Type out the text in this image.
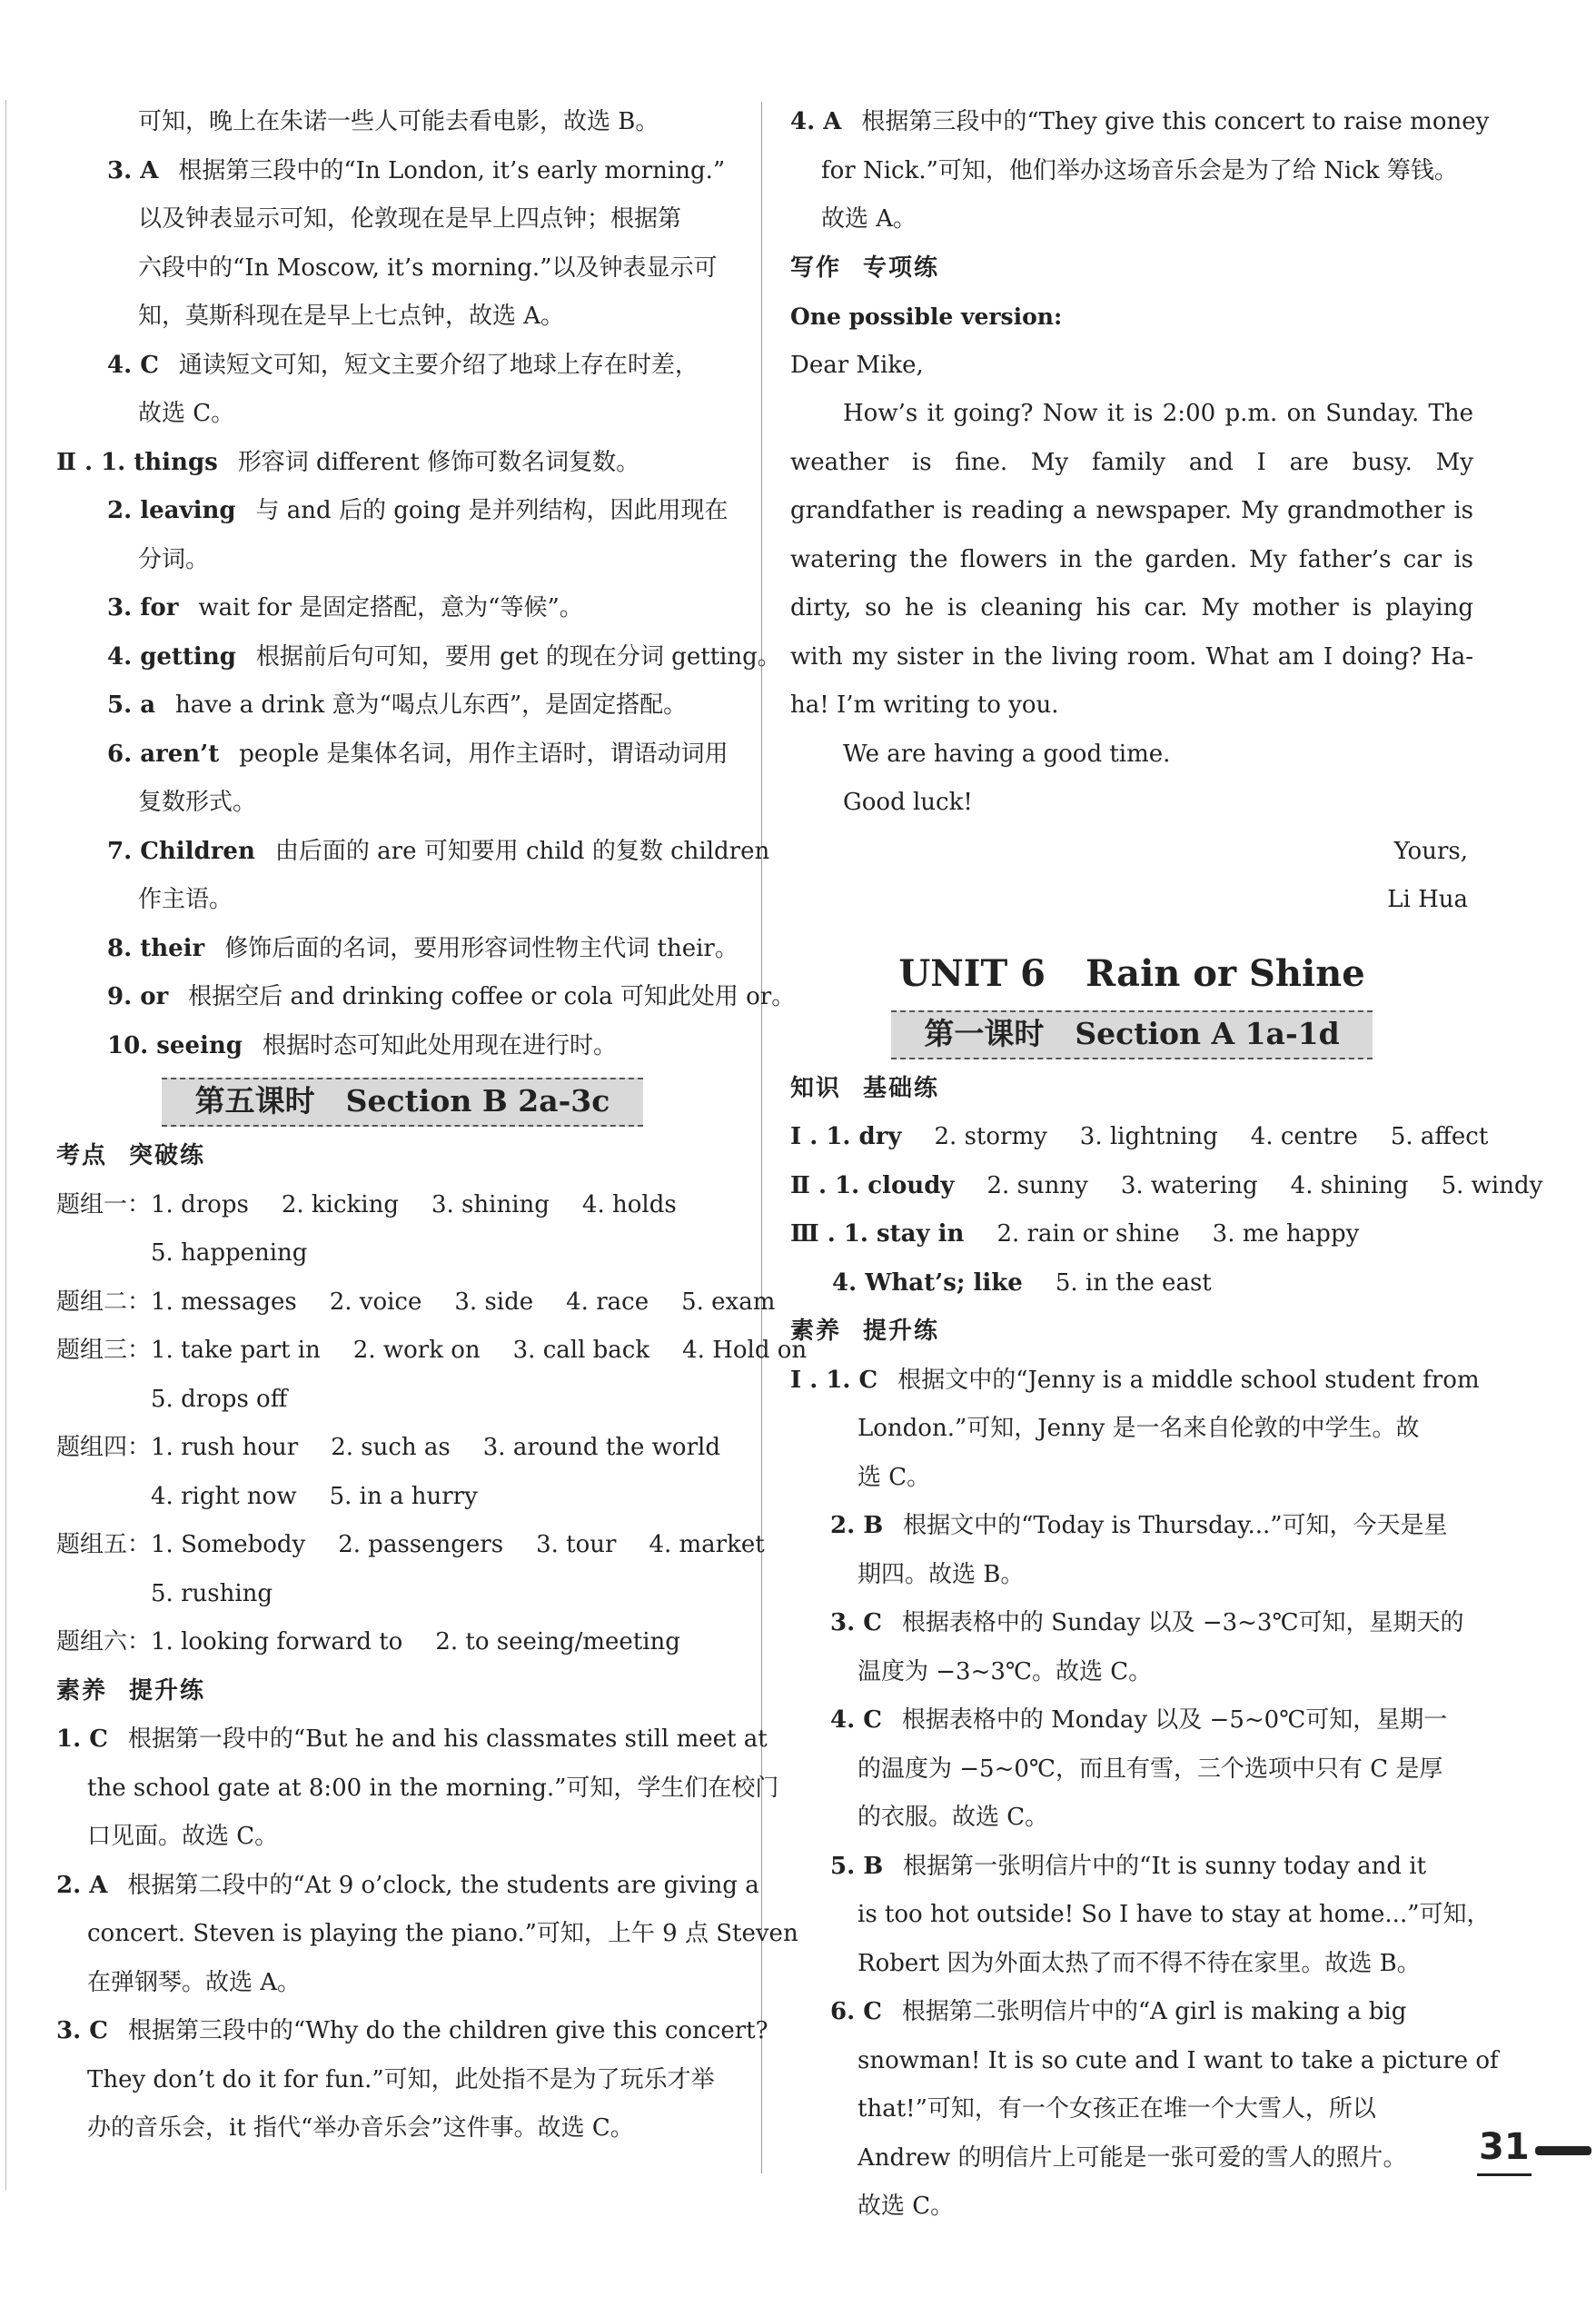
可知，晚上在朱诺一些人可能去看电影，故选 B。
3. A 根据第三段中的“In London, it’s early morning.”
以及钟表显示可知，伦敦现在是早上四点钟；根据第
六段中的“In Moscow, it’s morning.”以及钟表显示可
知，莫斯科现在是早上七点钟，故选 A。
4. C 通读短文可知，短文主要介绍了地球上存在时差，
故选 C。
Ⅱ . 1. things 形容词 different 修饰可数名词复数。
2. leaving 与 and 后的 going 是并列结构，因此用现在
分词。
3. for wait for 是固定搭配，意为“等候”。
4. getting 根据前后句可知，要用 get 的现在分词 getting。
5. a have a drink 意为“喝点儿东西”，是固定搭配。
6. aren’t people 是集体名词，用作主语时，谓语动词用
复数形式。
7. Children 由后面的 are 可知要用 child 的复数 children
作主语。
8. their 修饰后面的名词，要用形容词性物主代词 their。
9. or 根据空后 and drinking coffee or cola 可知此处用 or。
10. seeing 根据时态可知此处用现在进行时。
第五课时 Section B 2a-3c
考点 突破练
题组一：1. drops 2. kicking 3. shining 4. holds
5. happening
题组二：1. messages 2. voice 3. side 4. race 5. exam
题组三：1. take part in 2. work on 3. call back 4. Hold on
5. drops off
题组四：1. rush hour 2. such as 3. around the world
4. right now 5. in a hurry
题组五：1. Somebody 2. passengers 3. tour 4. market
5. rushing
题组六：1. looking forward to 2. to seeing/meeting
素养 提升练
1. C 根据第一段中的“But he and his classmates still meet at
the school gate at 8:00 in the morning.”可知，学生们在校门
口见面。故选 C。
2. A 根据第二段中的“At 9 o’clock, the students are giving a
concert. Steven is playing the piano.”可知，上午 9 点 Steven
在弹钢琴。故选 A。
3. C 根据第三段中的“Why do the children give this concert?
They don’t do it for fun.”可知，此处指不是为了玩乐才举
办的音乐会，it 指代“举办音乐会”这件事。故选 C。
4. A 根据第三段中的“They give this concert to raise money
for Nick.”可知，他们举办这场音乐会是为了给 Nick 筹钱。
故选 A。
写作 专项练
One possible version:
Dear Mike,
How’s it going? Now it is 2:00 p.m. on Sunday. The weather is fine. My family and I are busy. My grandfather is reading a newspaper. My grandmother is watering the flowers in the garden. My father’s car is dirty, so he is cleaning his car. My mother is playing with my sister in the living room. What am I doing? Ha-ha! I’m writing to you.
We are having a good time.
Good luck!
Yours,
Li Hua
UNIT 6 Rain or Shine
第一课时 Section A 1a-1d
知识 基础练
Ⅰ . 1. dry 2. stormy 3. lightning 4. centre 5. affect
Ⅱ . 1. cloudy 2. sunny 3. watering 4. shining 5. windy
Ⅲ . 1. stay in 2. rain or shine 3. me happy
4. What’s; like 5. in the east
素养 提升练
Ⅰ . 1. C 根据文中的“Jenny is a middle school student from
London.”可知，Jenny 是一名来自伦敦的中学生。故
选 C。
2. B 根据文中的“Today is Thursday...”可知，今天是星
期四。故选 B。
3. C 根据表格中的 Sunday 以及 −3~3℃可知，星期天的
温度为 −3~3℃。故选 C。
4. C 根据表格中的 Monday 以及 −5~0℃可知，星期一
的温度为 −5~0℃，而且有雪，三个选项中只有 C 是厚
的衣服。故选 C。
5. B 根据第一张明信片中的“It is sunny today and it
is too hot outside! So I have to stay at home...”可知，
Robert 因为外面太热了而不得不待在家里。故选 B。
6. C 根据第二张明信片中的“A girl is making a big
snowman! It is so cute and I want to take a picture of
that!”可知，有一个女孩正在堆一个大雪人，所以
Andrew 的明信片上可能是一张可爱的雪人的照片。
故选 C。
31
